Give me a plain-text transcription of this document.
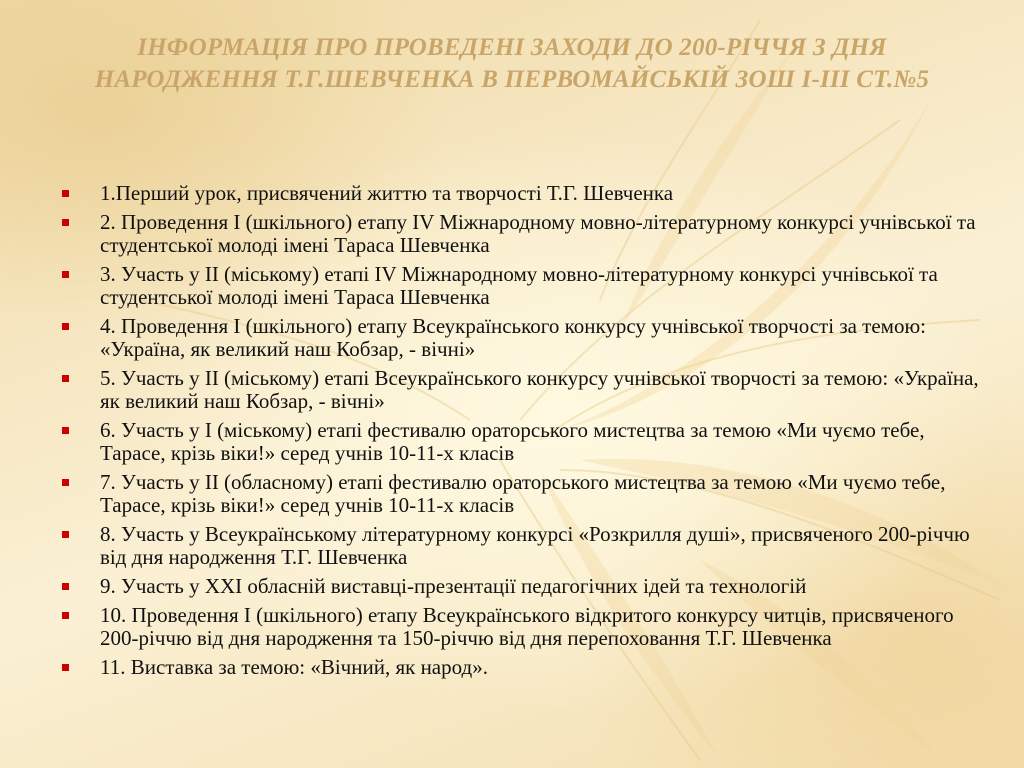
ІНФОРМАЦІЯ ПРО ПРОВЕДЕНІ ЗАХОДИ ДО 200-РІЧЧЯ З ДНЯ
НАРОДЖЕННЯ Т.Г.ШЕВЧЕНКА В ПЕРВОМАЙСЬКІЙ ЗОШ І-ІІІ СТ.№5
1.Перший урок, присвячений життю та творчості Т.Г. Шевченка
2. Проведення І (шкільного) етапу ІV Міжнародному мовно-літературному конкурсі учнівської та студентської молоді імені Тараса Шевченка
3. Участь у ІІ (міському) етапі ІV Міжнародному мовно-літературному конкурсі учнівської та студентської молоді імені Тараса Шевченка
4. Проведення І (шкільного) етапу Всеукраїнського конкурсу учнівської творчості за темою: «Україна, як великий наш Кобзар, - вічні»
5. Участь у ІІ (міському) етапі Всеукраїнського конкурсу учнівської творчості за темою: «Україна, як великий наш Кобзар, - вічні»
6. Участь у І (міському) етапі фестивалю ораторського мистецтва за темою «Ми чуємо тебе, Тарасе, крізь віки!» серед учнів 10-11-х класів
7. Участь у ІІ (обласному) етапі фестивалю ораторського мистецтва за темою «Ми чуємо тебе, Тарасе, крізь віки!» серед учнів 10-11-х класів
8. Участь у Всеукраїнському літературному конкурсі «Розкрилля душі», присвяченого 200-річчю від дня народження Т.Г. Шевченка
9. Участь у ХХІ обласній виставці-презентації педагогічних ідей та технологій
10. Проведення І (шкільного) етапу Всеукраїнського відкритого конкурсу читців, присвяченого 200-річчю від дня народження та 150-річчю від дня перепоховання Т.Г. Шевченка
11. Виставка за темою: «Вічний, як народ».
